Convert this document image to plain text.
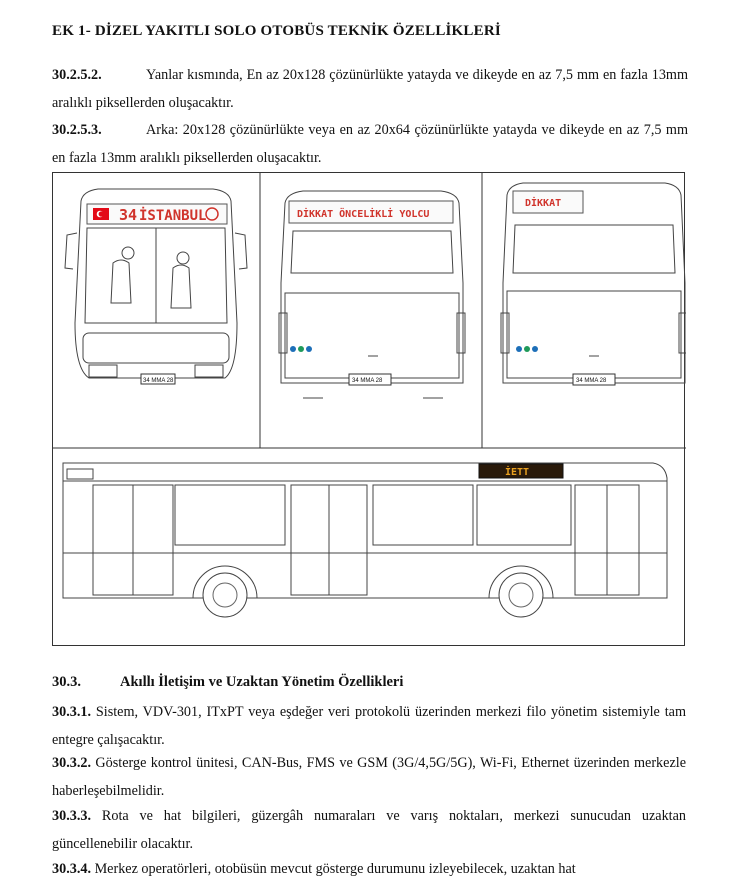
EK 1- DİZEL YAKITLI SOLO OTOBÜS TEKNİK ÖZELLİKLERİ
30.2.5.2.	Yanlar kısmında, En az 20x128 çözünürlükte yatayda ve dikeyde en az 7,5 mm en fazla 13mm aralıklı piksellerden oluşacaktır.
30.2.5.3.	Arka: 20x128 çözünürlükte veya en az 20x64 çözünürlükte yatayda ve dikeyde en az 7,5 mm en fazla 13mm aralıklı piksellerden oluşacaktır.
34 İSTANBUL
34 MMA 28
DİKKAT ÖNCELİKLİ YOLCU
34 MMA 28
DİKKAT
34 MMA 28
İETT
30.3.	Akıllı İletişim ve Uzaktan Yönetim Özellikleri
30.3.1. Sistem, VDV-301, ITxPT veya eşdeğer veri protokolü üzerinden merkezi filo yönetim sistemiyle tam entegre çalışacaktır.
30.3.2. Gösterge kontrol ünitesi, CAN-Bus, FMS ve GSM (3G/4,5G/5G), Wi-Fi, Ethernet üzerinden merkezle haberleşebilmelidir.
30.3.3. Rota ve hat bilgileri, güzergâh numaraları ve varış noktaları, merkezi sunucudan uzaktan güncellenebilir olacaktır.
30.3.4. Merkez operatörleri, otobüsün mevcut gösterge durumunu izleyebilecek, uzaktan hat
